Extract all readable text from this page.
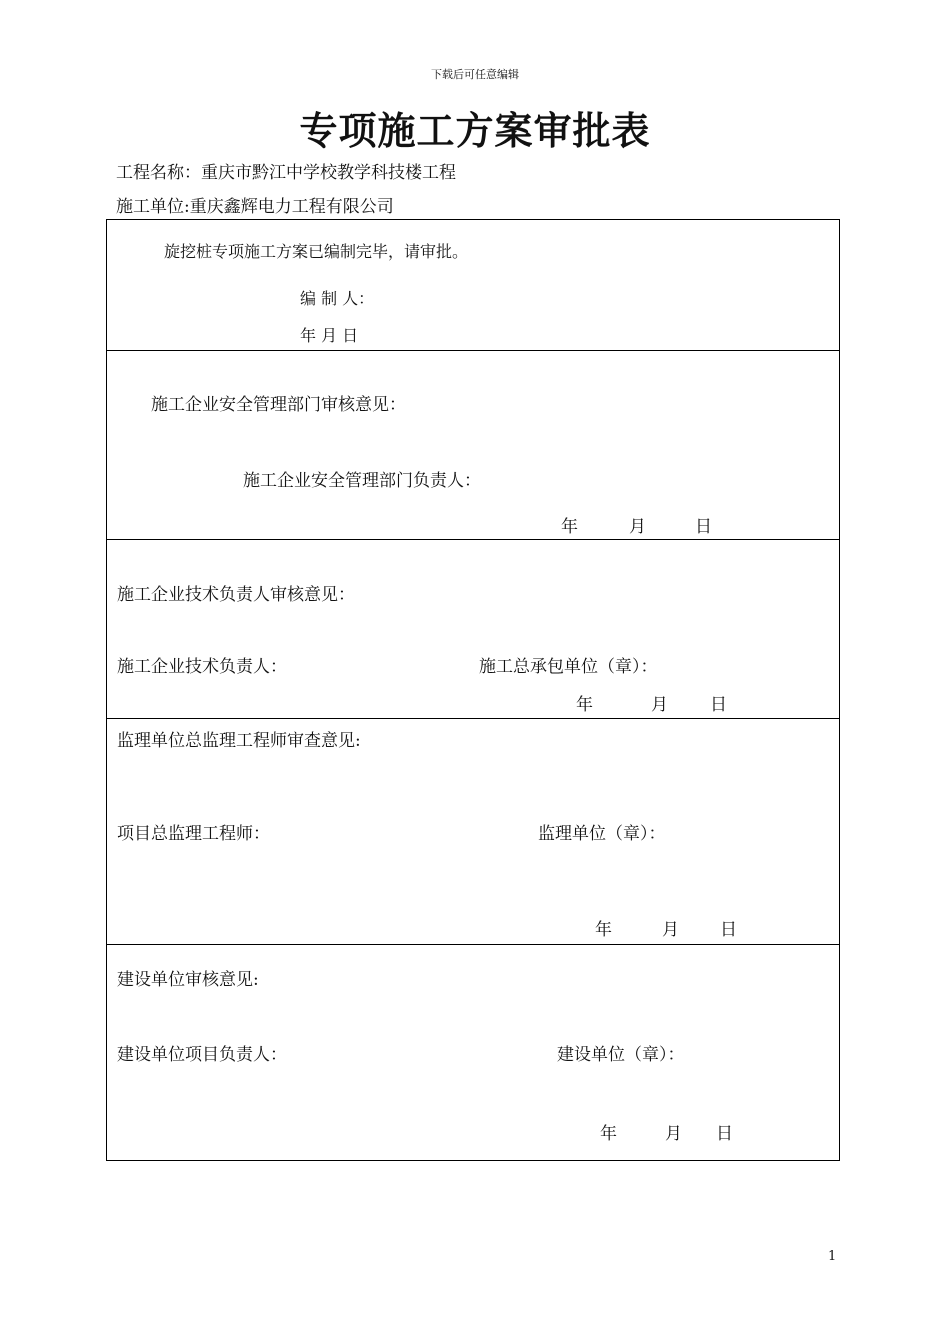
下载后可任意编辑
专项施工方案审批表
工程名称：重庆市黔江中学校教学科技楼工程
施工单位:重庆鑫辉电力工程有限公司
旋挖桩专项施工方案已编制完毕，请审批。
编 制 人：
年 月 日
施工企业安全管理部门审核意见：
施工企业安全管理部门负责人：
年	月	日
施工企业技术负责人审核意见：
施工企业技术负责人：	施工总承包单位（章）：
年	月 日
监理单位总监理工程师审查意见:
项目总监理工程师：	监理单位（章）：
年	月 日
建设单位审核意见:
建设单位项目负责人：	建设单位（章）：
年	月 日
1
